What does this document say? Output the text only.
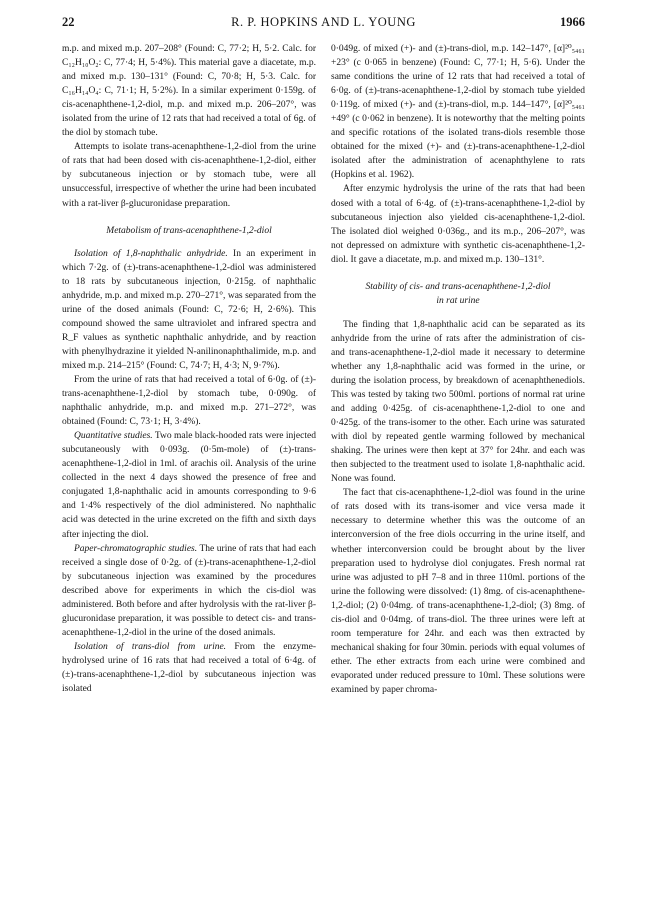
22	R. P. HOPKINS AND L. YOUNG	1966

m.p. and mixed m.p. 207–208° (Found: C, 77·2; H, 5·2. Calc. for C₁₂H₁₀O₂: C, 77·4; H, 5·4%). This material gave a diacetate, m.p. and mixed m.p. 130–131° (Found: C, 70·8; H, 5·3. Calc. for C₁₆H₁₄O₄: C, 71·1; H, 5·2%). In a similar experiment 0·159g. of cis-acenaphthene-1,2-diol, m.p. and mixed m.p. 206–207°, was isolated from the urine of 12 rats that had received a total of 6g. of the diol by stomach tube.

Attempts to isolate trans-acenaphthene-1,2-diol from the urine of rats that had been dosed with cis-acenaphthene-1,2-diol, either by subcutaneous injection or by stomach tube, were all unsuccessful, irrespective of whether the urine had been incubated with a rat-liver β-glucuronidase preparation.

Metabolism of trans-acenaphthene-1,2-diol

Isolation of 1,8-naphthalic anhydride. In an experiment in which 7·2g. of (±)-trans-acenaphthene-1,2-diol was administered to 18 rats by subcutaneous injection, 0·215g. of naphthalic anhydride, m.p. and mixed m.p. 270–271°, was separated from the urine of the dosed animals (Found: C, 72·6; H, 2·6%). This compound showed the same ultraviolet and infrared spectra and R_F values as synthetic naphthalic anhydride, and by reaction with phenylhydrazine it yielded N-anilinonaphthalimide, m.p. and mixed m.p. 214–215° (Found: C, 74·7; H, 4·3; N, 9·7%).

From the urine of rats that had received a total of 6·0g. of (±)-trans-acenaphthene-1,2-diol by stomach tube, 0·090g. of naphthalic anhydride, m.p. and mixed m.p. 271–272°, was obtained (Found: C, 73·1; H, 3·4%).

Quantitative studies. Two male black-hooded rats were injected subcutaneously with 0·093g. (0·5m-mole) of (±)-trans-acenaphthene-1,2-diol in 1ml. of arachis oil. Analysis of the urine collected in the next 4 days showed the presence of free and conjugated 1,8-naphthalic acid in amounts corresponding to 9·6 and 1·4% respectively of the diol administered. No naphthalic acid was detected in the urine excreted on the fifth and sixth days after injecting the diol.

Paper-chromatographic studies. The urine of rats that had each received a single dose of 0·2g. of (±)-trans-acenaphthene-1,2-diol by subcutaneous injection was examined by the procedures described above for experiments in which the cis-diol was administered. Both before and after hydrolysis with the rat-liver β-glucuronidase preparation, it was possible to detect cis- and trans-acenaphthene-1,2-diol in the urine of the dosed animals.

Isolation of trans-diol from urine. From the enzyme-hydrolysed urine of 16 rats that had received a total of 6·4g. of (±)-trans-acenaphthene-1,2-diol by subcutaneous injection was isolated

0·049g. of mixed (+)- and (±)-trans-diol, m.p. 142–147°, [α]²⁰₅₄₆₁ +23° (c 0·065 in benzene) (Found: C, 77·1; H, 5·6). Under the same conditions the urine of 12 rats that had received a total of 6·0g. of (±)-trans-acenaphthene-1,2-diol by stomach tube yielded 0·119g. of mixed (+)- and (±)-trans-diol, m.p. 144–147°, [α]²⁰₅₄₆₁ +49° (c 0·062 in benzene). It is noteworthy that the melting points and specific rotations of the isolated trans-diols resemble those obtained for the mixed (+)- and (±)-trans-acenaphthene-1,2-diol isolated after the administration of acenaphthylene to rats (Hopkins et al. 1962).

After enzymic hydrolysis the urine of the rats that had been dosed with a total of 6·4g. of (±)-trans-acenaphthene-1,2-diol by subcutaneous injection also yielded cis-acenaphthene-1,2-diol. The isolated diol weighed 0·036g., and its m.p., 206–207°, was not depressed on admixture with synthetic cis-acenaphthene-1,2-diol. It gave a diacetate, m.p. and mixed m.p. 130–131°.

Stability of cis- and trans-acenaphthene-1,2-diol
in rat urine

The finding that 1,8-naphthalic acid can be separated as its anhydride from the urine of rats after the administration of cis- and trans-acenaphthene-1,2-diol made it necessary to determine whether any 1,8-naphthalic acid was formed in the urine, or during the isolation process, by breakdown of acenaphthenediols. This was tested by taking two 500ml. portions of normal rat urine and adding 0·425g. of cis-acenaphthene-1,2-diol to one and 0·425g. of the trans-isomer to the other. Each urine was saturated with diol by repeated gentle warming followed by mechanical shaking. The urines were then kept at 37° for 24hr. and each was then subjected to the treatment used to isolate 1,8-naphthalic acid. None was found.

The fact that cis-acenaphthene-1,2-diol was found in the urine of rats dosed with its trans-isomer and vice versa made it necessary to determine whether this was the outcome of an interconversion of the free diols occurring in the urine itself, and whether interconversion could be brought about by the liver preparation used to hydrolyse diol conjugates. Fresh normal rat urine was adjusted to pH 7–8 and in three 110ml. portions of the urine the following were dissolved: (1) 8mg. of cis-acenaphthene-1,2-diol; (2) 0·04mg. of trans-acenaphthene-1,2-diol; (3) 8mg. of cis-diol and 0·04mg. of trans-diol. The three urines were left at room temperature for 24hr. and each was then extracted by mechanical shaking for four 30min. periods with equal volumes of ether. The ether extracts from each urine were combined and evaporated under reduced pressure to 10ml. These solutions were examined by paper chroma-
